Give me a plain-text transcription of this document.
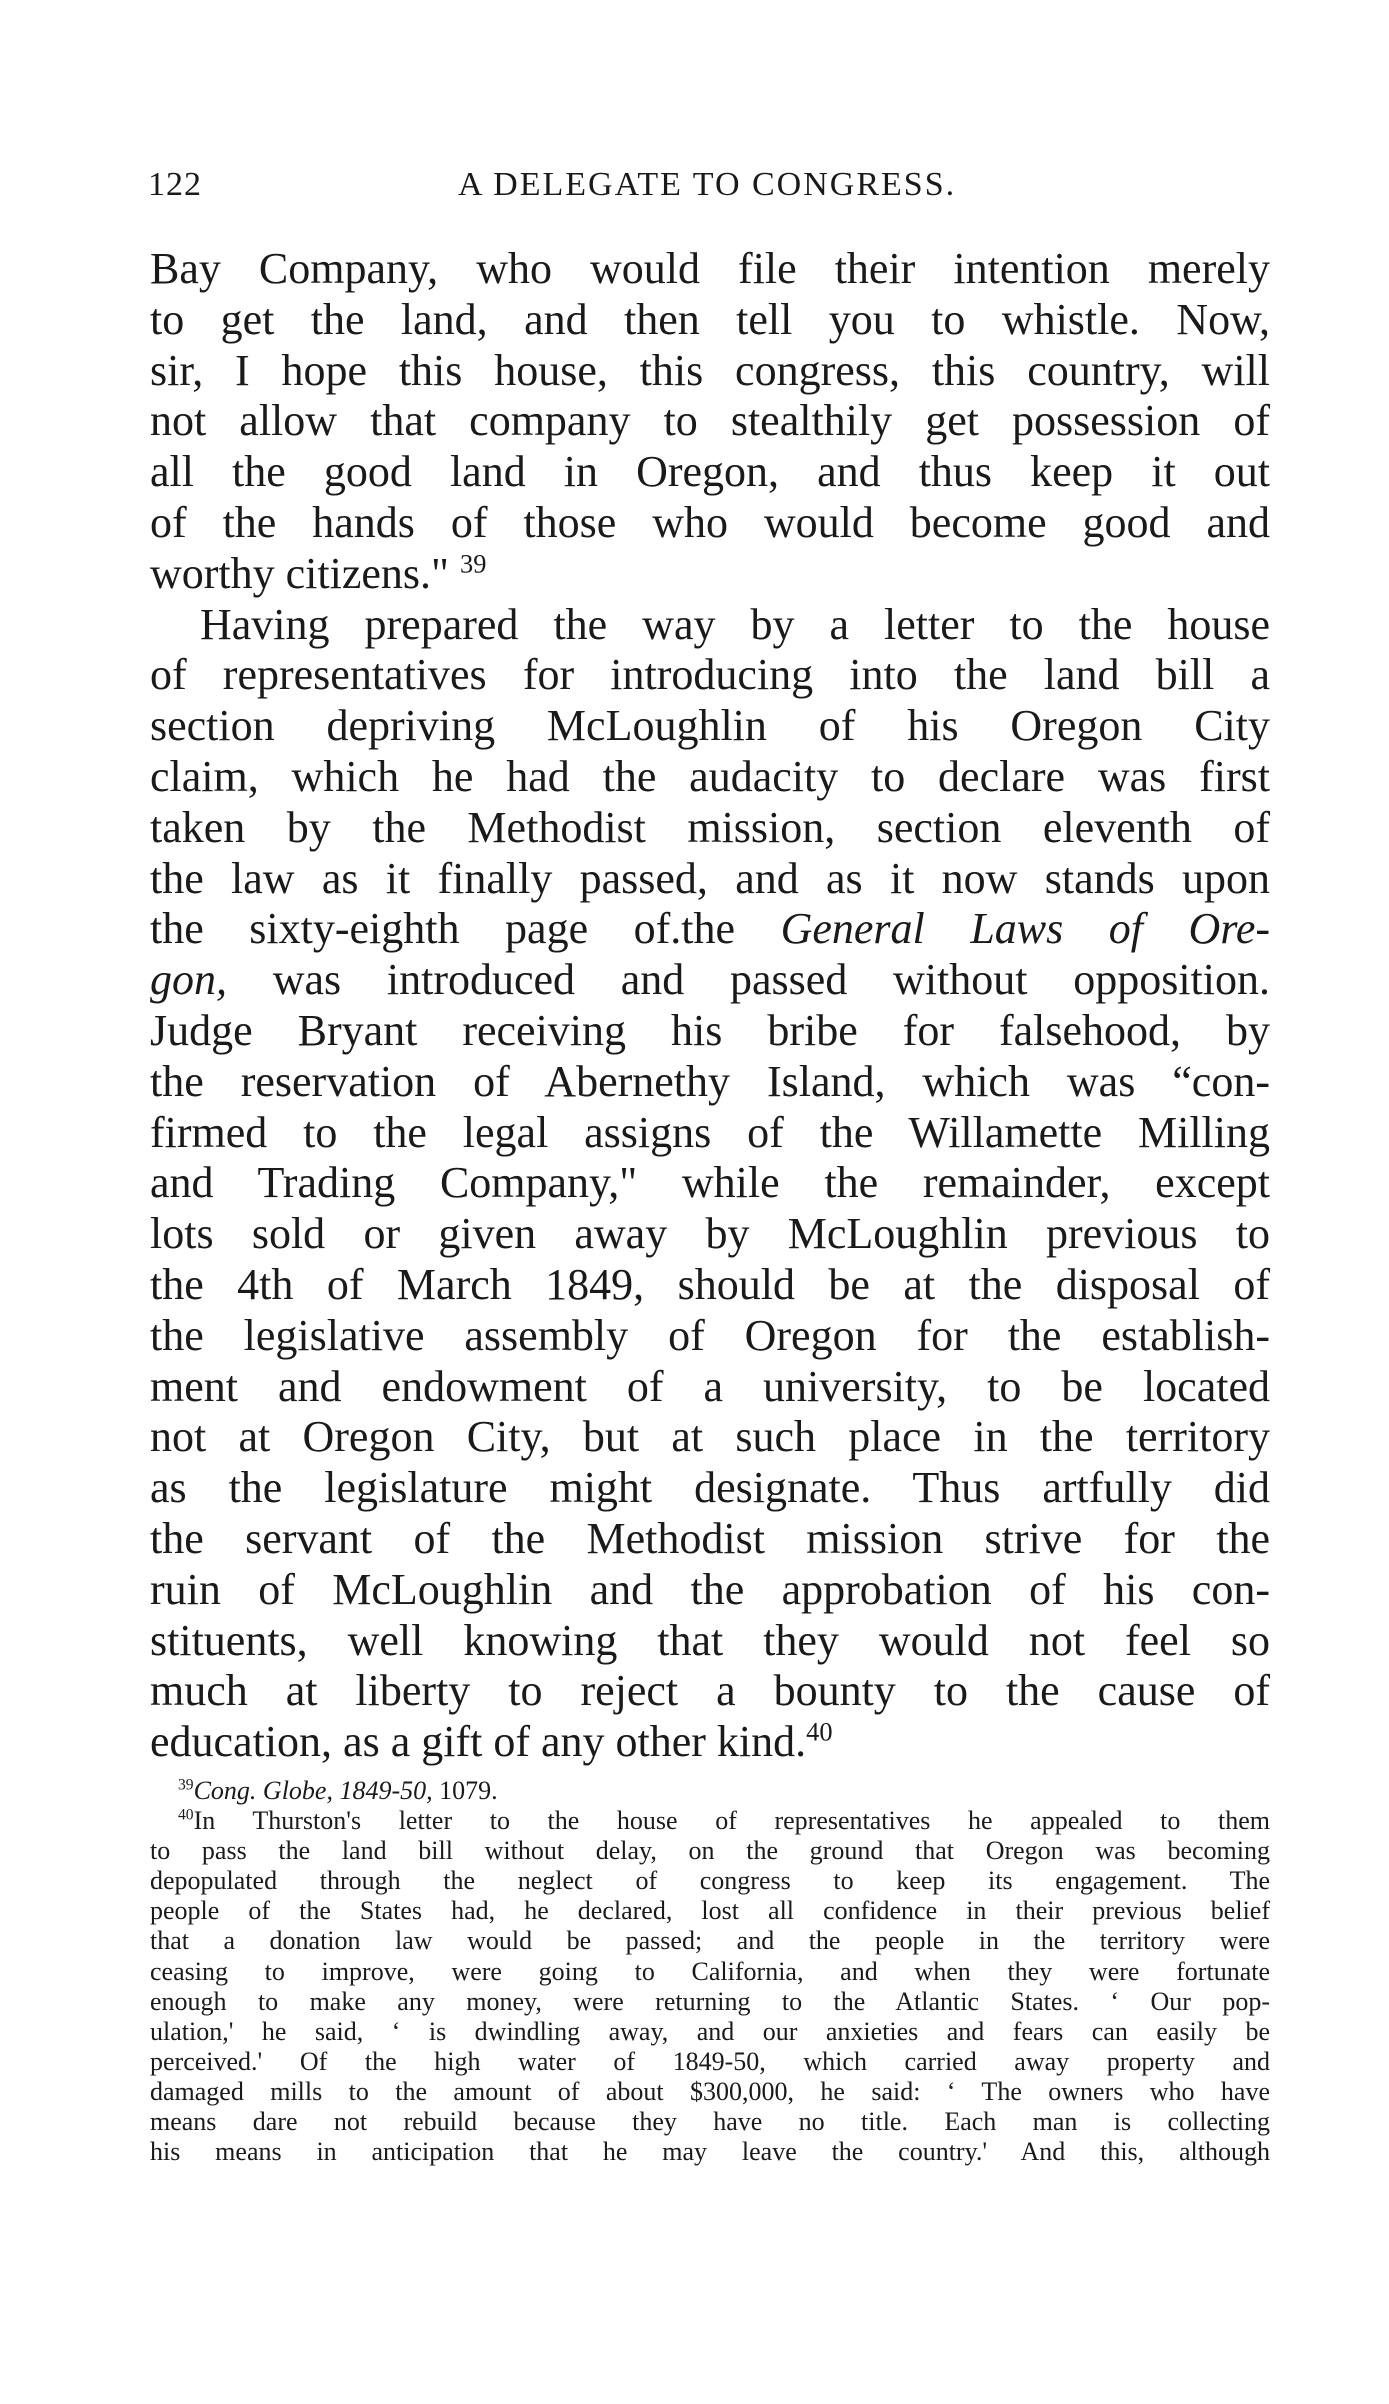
122	A DELEGATE TO CONGRESS.
Bay Company, who would file their intention merely
to get the land, and then tell you to whistle. Now,
sir, I hope this house, this congress, this country, will
not allow that company to stealthily get possession of
all the good land in Oregon, and thus keep it out
of the hands of those who would become good and
worthy citizens." $^{39}$
Having prepared the way by a letter to the house
of representatives for introducing into the land bill a
section depriving McLoughlin of his Oregon City
claim, which he had the audacity to declare was first
taken by the Methodist mission, section eleventh of
the law as it finally passed, and as it now stands upon
the sixty-eighth page of.the General Laws of Ore-
gon, was introduced and passed without opposition.
Judge Bryant receiving his bribe for falsehood, by
the reservation of Abernethy Island, which was “con-
firmed to the legal assigns of the Willamette Milling
and Trading Company," while the remainder, except
lots sold or given away by McLoughlin previous to
the 4th of March 1849, should be at the disposal of
the legislative assembly of Oregon for the establish-
ment and endowment of a university, to be located
not at Oregon City, but at such place in the territory
as the legislature might designate. Thus artfully did
the servant of the Methodist mission strive for the
ruin of McLoughlin and the approbation of his con-
stituents, well knowing that they would not feel so
much at liberty to reject a bounty to the cause of
education, as a gift of any other kind.$^{40}$
$^{39}$Cong. Globe, 1849-50, 1079.
$^{40}$In Thurston's letter to the house of representatives he appealed to them
to pass the land bill without delay, on the ground that Oregon was becoming
depopulated through the neglect of congress to keep its engagement. The
people of the States had, he declared, lost all confidence in their previous belief
that a donation law would be passed; and the people in the territory were
ceasing to improve, were going to California, and when they were fortunate
enough to make any money, were returning to the Atlantic States. ‘ Our pop-
ulation,' he said, ‘ is dwindling away, and our anxieties and fears can easily be
perceived.' Of the high water of 1849-50, which carried away property and
damaged mills to the amount of about $300,000, he said: ‘ The owners who have
means dare not rebuild because they have no title. Each man is collecting
his means in anticipation that he may leave the country.' And this, although
